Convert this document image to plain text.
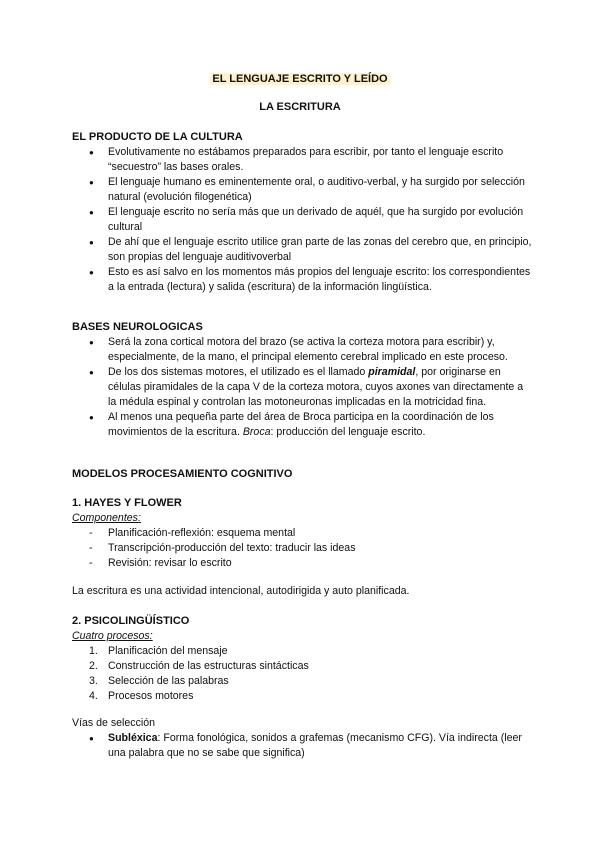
EL LENGUAJE ESCRITO Y LEÍDO
LA ESCRITURA

EL PRODUCTO DE LA CULTURA

● Evolutivamente no estábamos preparados para escribir, por tanto el lenguaje escrito “secuestro” las bases orales.
● El lenguaje humano es eminentemente oral, o auditivo-verbal, y ha surgido por selección natural (evolución filogenética)
● El lenguaje escrito no sería más que un derivado de aquél, que ha surgido por evolución cultural
● De ahí que el lenguaje escrito utilice gran parte de las zonas del cerebro que, en principio, son propias del lenguaje auditivoverbal
● Esto es así salvo en los momentos más propios del lenguaje escrito: los correspondientes a la entrada (lectura) y salida (escritura) de la información lingüística.

BASES NEUROLOGICAS

● Será la zona cortical motora del brazo (se activa la corteza motora para escribir) y, especialmente, de la mano, el principal elemento cerebral implicado en este proceso.
● De los dos sistemas motores, el utilizado es el llamado piramidal, por originarse en células piramidales de la capa V de la corteza motora, cuyos axones van directamente a la médula espinal y controlan las motoneuronas implicadas en la motricidad fina.
● Al menos una pequeña parte del área de Broca participa en la coordinación de los movimientos de la escritura. Broca: producción del lenguaje escrito.

MODELOS PROCESAMIENTO COGNITIVO

1. HAYES Y FLOWER

Componentes:

- Planificación-reflexión: esquema mental
- Transcripción-producción del texto: traducir las ideas
- Revisión: revisar lo escrito

La escritura es una actividad intencional, autodirigida y auto planificada.

2. PSICOLINGÜÍSTICO

Cuatro procesos:

1. Planificación del mensaje
2. Construcción de las estructuras sintácticas
3. Selección de las palabras
4. Procesos motores

Vías de selección

● Subléxica: Forma fonológica, sonidos a grafemas (mecanismo CFG). Vía indirecta (leer una palabra que no se sabe que significa)
